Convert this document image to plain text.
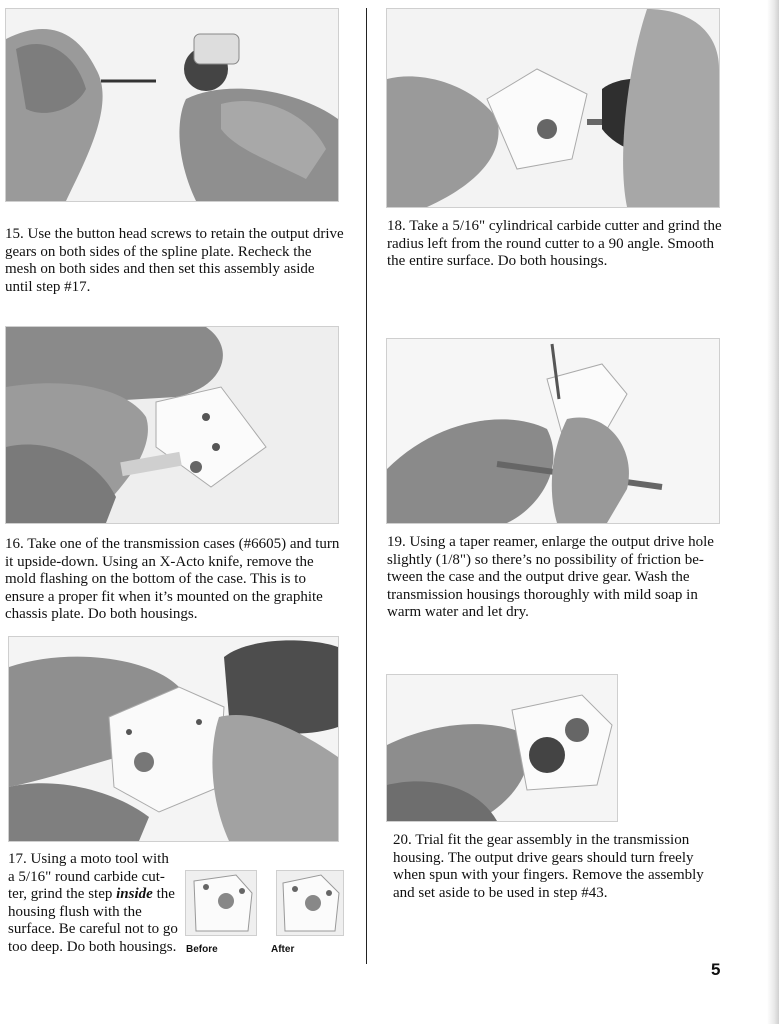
15. Use the button head screws to retain the output drive gears on both sides of the spline plate. Recheck the mesh on both sides and then set this assembly aside until step #17.

16. Take one of the transmission cases (#6605) and turn it upside-down. Using an X-Acto knife, remove the mold flashing on the bottom of the case. This is to ensure a proper fit when it’s mounted on the graphite chassis plate. Do both housings.

17. Using a moto tool with a 5/16" round carbide cut-ter, grind the step inside the housing flush with the surface. Be careful not to go too deep. Do both housings. Before	After

18. Take a 5/16" cylindrical carbide cutter and grind the radius left from the round cutter to a 90 angle. Smooth the entire surface. Do both housings.

19. Using a taper reamer, enlarge the output drive hole slightly (1/8") so there’s no possibility of friction be-tween the case and the output drive gear. Wash the transmission housings thoroughly with mild soap in warm water and let dry.

20. Trial fit the gear assembly in the transmission housing. The output drive gears should turn freely when spun with your fingers. Remove the assembly and set aside to be used in step #43.

5
